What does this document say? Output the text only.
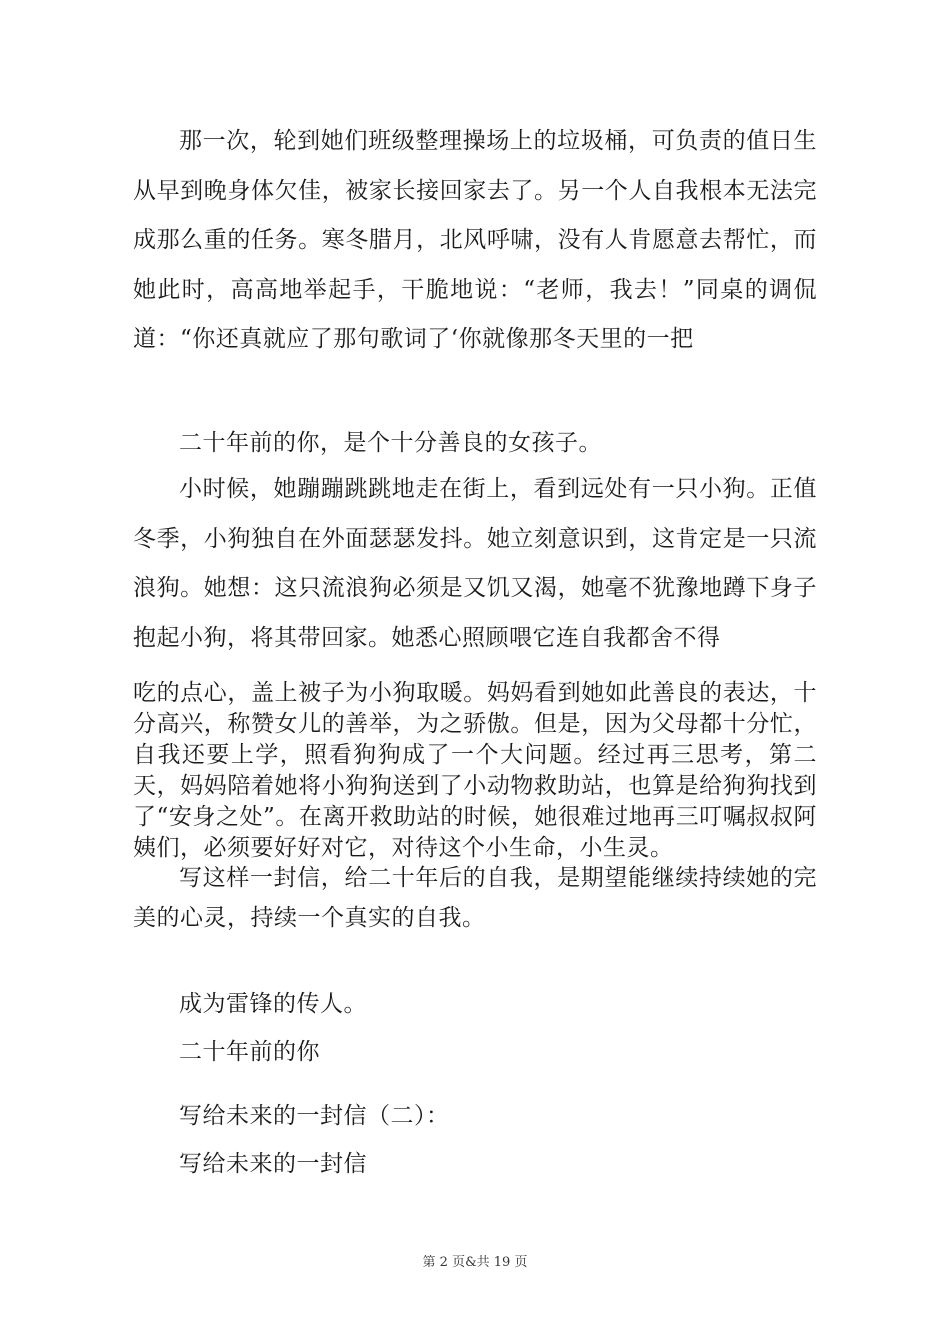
那一次，轮到她们班级整理操场上的垃圾桶，可负责的值日生从早到晚身体欠佳，被家长接回家去了。另一个人自我根本无法完成那么重的任务。寒冬腊月，北风呼啸，没有人肯愿意去帮忙，而她此时，高高地举起手，干脆地说：“老师，我去！”同桌的调侃道：“你还真就应了那句歌词了‘你就像那冬天里的一把

二十年前的你，是个十分善良的女孩子。

小时候，她蹦蹦跳跳地走在街上，看到远处有一只小狗。正值冬季，小狗独自在外面瑟瑟发抖。她立刻意识到，这肯定是一只流浪狗。她想：这只流浪狗必须是又饥又渴，她毫不犹豫地蹲下身子抱起小狗，将其带回家。她悉心照顾喂它连自我都舍不得

吃的点心，盖上被子为小狗取暖。妈妈看到她如此善良的表达，十分高兴，称赞女儿的善举，为之骄傲。但是，因为父母都十分忙，自我还要上学，照看狗狗成了一个大问题。经过再三思考，第二天，妈妈陪着她将小狗狗送到了小动物救助站，也算是给狗狗找到了“安身之处”。在离开救助站的时候，她很难过地再三叮嘱叔叔阿姨们，必须要好好对它，对待这个小生命，小生灵。

写这样一封信，给二十年后的自我，是期望能继续持续她的完美的心灵，持续一个真实的自我。

成为雷锋的传人。

二十年前的你

写给未来的一封信（二）：

写给未来的一封信

第 2 页&共 19 页
